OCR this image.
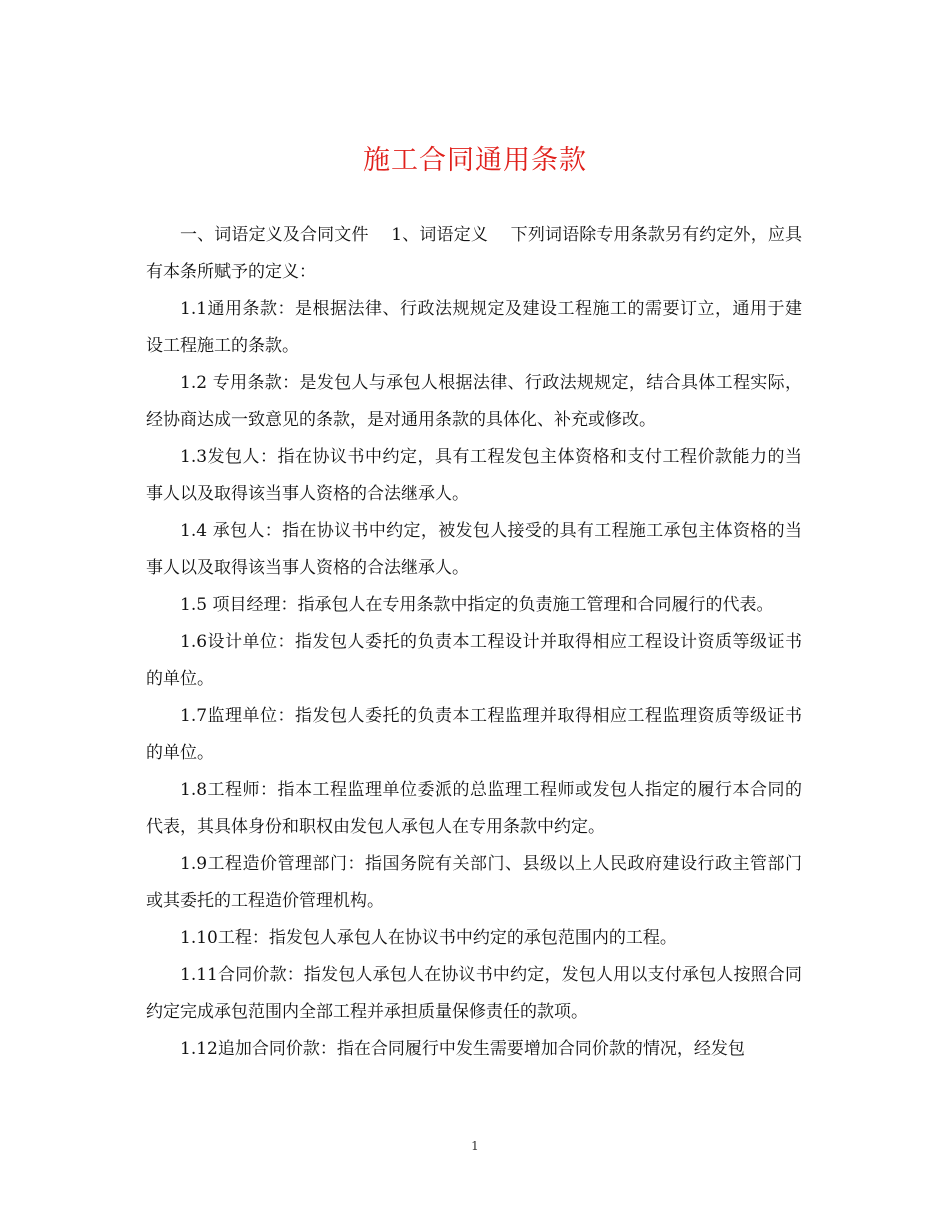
施工合同通用条款

一、词语定义及合同文件　 1、词语定义　 下列词语除专用条款另有约定外，应具有本条所赋予的定义：

1.1通用条款：是根据法律、行政法规规定及建设工程施工的需要订立，通用于建设工程施工的条款。

1.2 专用条款：是发包人与承包人根据法律、行政法规规定，结合具体工程实际，经协商达成一致意见的条款，是对通用条款的具体化、补充或修改。

1.3发包人：指在协议书中约定，具有工程发包主体资格和支付工程价款能力的当事人以及取得该当事人资格的合法继承人。

1.4 承包人：指在协议书中约定，被发包人接受的具有工程施工承包主体资格的当事人以及取得该当事人资格的合法继承人。

1.5 项目经理：指承包人在专用条款中指定的负责施工管理和合同履行的代表。

1.6设计单位：指发包人委托的负责本工程设计并取得相应工程设计资质等级证书的单位。

1.7监理单位：指发包人委托的负责本工程监理并取得相应工程监理资质等级证书的单位。

1.8工程师：指本工程监理单位委派的总监理工程师或发包人指定的履行本合同的代表，其具体身份和职权由发包人承包人在专用条款中约定。

1.9工程造价管理部门：指国务院有关部门、县级以上人民政府建设行政主管部门或其委托的工程造价管理机构。

1.10工程：指发包人承包人在协议书中约定的承包范围内的工程。

1.11合同价款：指发包人承包人在协议书中约定，发包人用以支付承包人按照合同约定完成承包范围内全部工程并承担质量保修责任的款项。

1.12追加合同价款：指在合同履行中发生需要增加合同价款的情况，经发包

1
